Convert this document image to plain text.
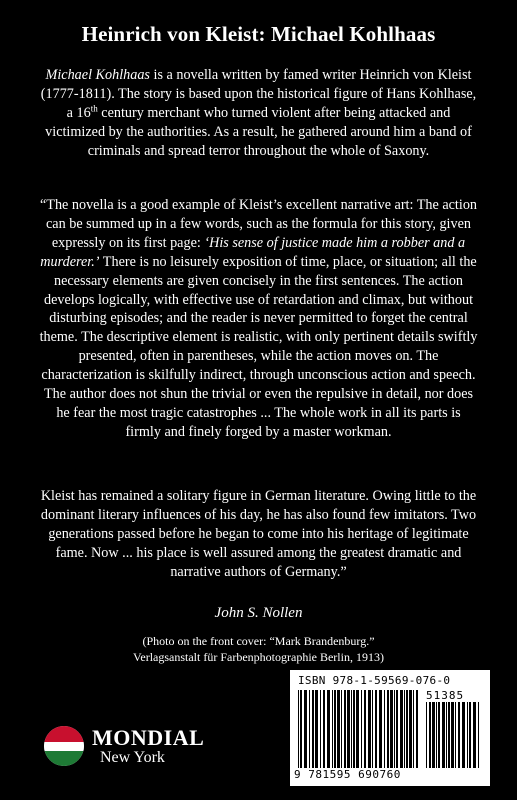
Heinrich von Kleist: Michael Kohlhaas
Michael Kohlhaas is a novella written by famed writer Heinrich von Kleist (1777-1811). The story is based upon the historical figure of Hans Kohlhase, a 16th century merchant who turned violent after being attacked and victimized by the authorities. As a result, he gathered around him a band of criminals and spread terror throughout the whole of Saxony.
“The novella is a good example of Kleist’s excellent narrative art: The action can be summed up in a few words, such as the formula for this story, given expressly on its first page: ‘His sense of justice made him a robber and a murderer.’ There is no leisurely exposition of time, place, or situation; all the necessary elements are given concisely in the first sentences. The action develops logically, with effective use of retardation and climax, but without disturbing episodes; and the reader is never permitted to forget the central theme. The descriptive element is realistic, with only pertinent details swiftly presented, often in parentheses, while the action moves on. The characterization is skilfully indirect, through unconscious action and speech. The author does not shun the trivial or even the repulsive in detail, nor does he fear the most tragic catastrophes ... The whole work in all its parts is firmly and finely forged by a master workman.
Kleist has remained a solitary figure in German literature. Owing little to the dominant literary influences of his day, he has also found few imitators. Two generations passed before he began to come into his heritage of legitimate fame. Now ... his place is well assured among the greatest dramatic and narrative authors of Germany.”
John S. Nollen
(Photo on the front cover: “Mark Brandenburg.”
Verlagsanstalt für Farbenphotographie Berlin, 1913)
MONDIAL
New York
ISBN 978-1-59569-076-0
51385
9 781595 690760
